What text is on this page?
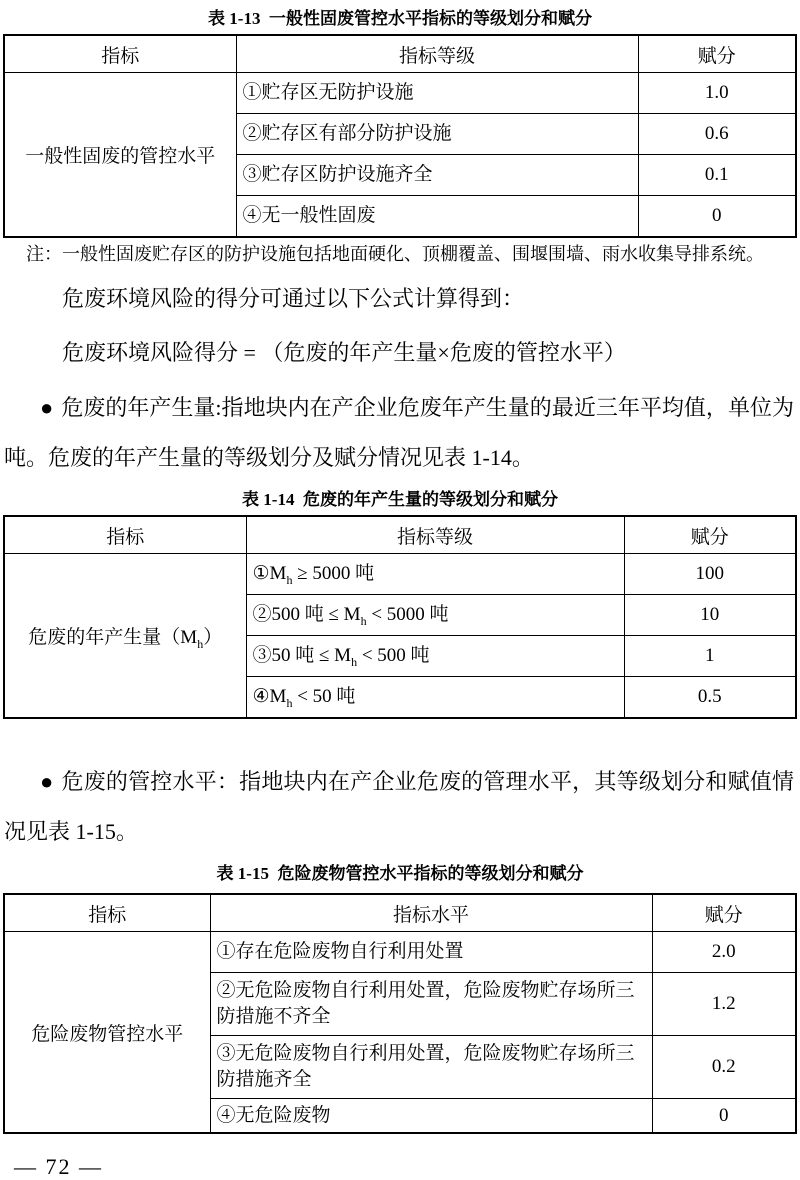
表 1-13  一般性固废管控水平指标的等级划分和赋分
指标	指标等级	赋分
一般性固废的管控水平	①贮存区无防护设施	1.0
	②贮存区有部分防护设施	0.6
	③贮存区防护设施齐全	0.1
	④无一般性固废	0
注：一般性固废贮存区的防护设施包括地面硬化、顶棚覆盖、围堰围墙、雨水收集导排系统。

危废环境风险的得分可通过以下公式计算得到：

危废环境风险得分 = （危废的年产生量×危废的管控水平）

● 危废的年产生量:指地块内在产企业危废年产生量的最近三年平均值，单位为吨。危废的年产生量的等级划分及赋分情况见表 1-14。

表 1-14  危废的年产生量的等级划分和赋分
指标	指标等级	赋分
危废的年产生量$(M_h)$	$①M_h \ge 5000$ 吨	100
	②500 吨 ≤ $M_h < 5000$ 吨	10
	③50 吨 ≤ $M_h < 500$ 吨	1
	$④M_h < 50$ 吨	0.5

● 危废的管控水平：指地块内在产企业危废的管理水平，其等级划分和赋值情况见表 1-15。

表 1-15  危险废物管控水平指标的等级划分和赋分
指标	指标水平	赋分
危险废物管控水平	①存在危险废物自行利用处置	2.0
	②无危险废物自行利用处置，危险废物贮存场所三防措施不齐全	1.2
	③无危险废物自行利用处置，危险废物贮存场所三防措施齐全	0.2
	④无危险废物	0
— 72 —
